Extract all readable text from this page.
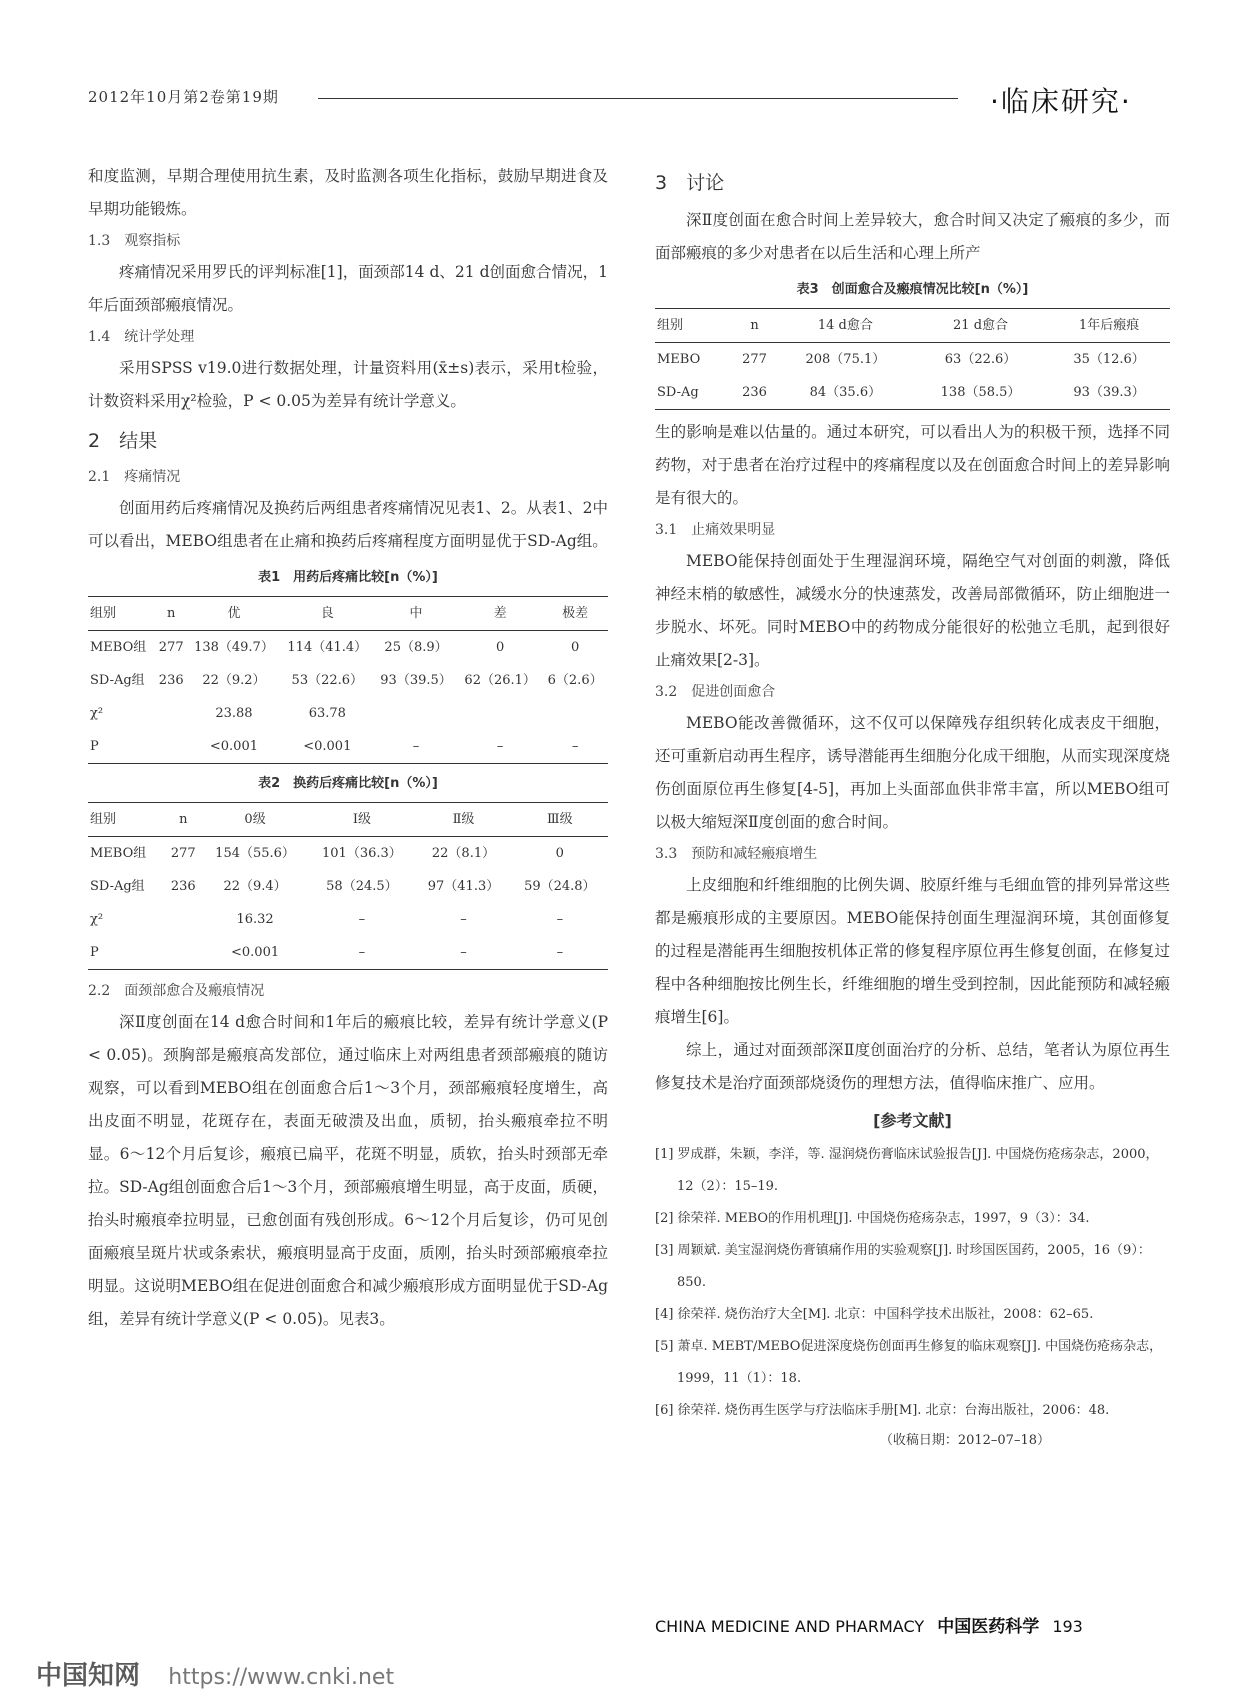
2012年10月第2卷第19期	·临床研究·

和度监测，早期合理使用抗生素，及时监测各项生化指标，鼓励早期进食及早期功能锻炼。

1.3　观察指标

疼痛情况采用罗氏的评判标准[1]，面颈部14 d、21 d创面愈合情况，1年后面颈部瘢痕情况。

1.4　统计学处理

采用SPSS v19.0进行数据处理，计量资料用(x̄±s)表示，采用t检验，计数资料采用χ²检验，P < 0.05为差异有统计学意义。

2　结果

2.1　疼痛情况

创面用药后疼痛情况及换药后两组患者疼痛情况见表1、2。从表1、2中可以看出，MEBO组患者在止痛和换药后疼痛程度方面明显优于SD-Ag组。

表1　用药后疼痛比较[n（%）]
组别	n	优	良	中	差	极差
MEBO组	277	138（49.7）	114（41.4）	25（8.9）	0	0
SD-Ag组	236	22（9.2）	53（22.6）	93（39.5）	62（26.1）	6（2.6）
χ²		23.88	63.78			
P		<0.001	<0.001	–	–	–
表2　换药后疼痛比较[n（%）]
组别	n	0级	Ⅰ级	Ⅱ级	Ⅲ级
MEBO组	277	154（55.6）	101（36.3）	22（8.1）	0
SD-Ag组	236	22（9.4）	58（24.5）	97（41.3）	59（24.8）
χ²		16.32	–	–	–
P		<0.001	–	–	–

2.2　面颈部愈合及瘢痕情况

深Ⅱ度创面在14 d愈合时间和1年后的瘢痕比较，差异有统计学意义(P < 0.05)。颈胸部是瘢痕高发部位，通过临床上对两组患者颈部瘢痕的随访观察，可以看到MEBO组在创面愈合后1～3个月，颈部瘢痕轻度增生，高出皮面不明显，花斑存在，表面无破溃及出血，质韧，抬头瘢痕牵拉不明显。6～12个月后复诊，瘢痕已扁平，花斑不明显，质软，抬头时颈部无牵拉。SD-Ag组创面愈合后1～3个月，颈部瘢痕增生明显，高于皮面，质硬，抬头时瘢痕牵拉明显，已愈创面有残创形成。6～12个月后复诊，仍可见创面瘢痕呈斑片状或条索状，瘢痕明显高于皮面，质刚，抬头时颈部瘢痕牵拉明显。这说明MEBO组在促进创面愈合和减少瘢痕形成方面明显优于SD-Ag组，差异有统计学意义(P < 0.05)。见表3。

3　讨论

深Ⅱ度创面在愈合时间上差异较大，愈合时间又决定了瘢痕的多少，而面部瘢痕的多少对患者在以后生活和心理上所产

表3　创面愈合及瘢痕情况比较[n（%）]
组别	n	14 d愈合	21 d愈合	1年后瘢痕
MEBO	277	208（75.1）	63（22.6）	35（12.6）
SD-Ag	236	84（35.6）	138（58.5）	93（39.3）

生的影响是难以估量的。通过本研究，可以看出人为的积极干预，选择不同药物，对于患者在治疗过程中的疼痛程度以及在创面愈合时间上的差异影响是有很大的。

3.1　止痛效果明显

MEBO能保持创面处于生理湿润环境，隔绝空气对创面的刺激，降低神经末梢的敏感性，减缓水分的快速蒸发，改善局部微循环，防止细胞进一步脱水、坏死。同时MEBO中的药物成分能很好的松弛立毛肌，起到很好止痛效果[2-3]。

3.2　促进创面愈合

MEBO能改善微循环，这不仅可以保障残存组织转化成表皮干细胞，还可重新启动再生程序，诱导潜能再生细胞分化成干细胞，从而实现深度烧伤创面原位再生修复[4-5]，再加上头面部血供非常丰富，所以MEBO组可以极大缩短深Ⅱ度创面的愈合时间。

3.3　预防和减轻瘢痕增生

上皮细胞和纤维细胞的比例失调、胶原纤维与毛细血管的排列异常这些都是瘢痕形成的主要原因。MEBO能保持创面生理湿润环境，其创面修复的过程是潜能再生细胞按机体正常的修复程序原位再生修复创面，在修复过程中各种细胞按比例生长，纤维细胞的增生受到控制，因此能预防和减轻瘢痕增生[6]。

综上，通过对面颈部深Ⅱ度创面治疗的分析、总结，笔者认为原位再生修复技术是治疗面颈部烧烫伤的理想方法，值得临床推广、应用。

[参考文献]
[1] 罗成群，朱颖，李洋，等. 湿润烧伤膏临床试验报告[J]. 中国烧伤疮疡杂志，2000，12（2）：15–19.
[2] 徐荣祥. MEBO的作用机理[J]. 中国烧伤疮疡杂志，1997，9（3）：34.
[3] 周颖斌. 美宝湿润烧伤膏镇痛作用的实验观察[J]. 时珍国医国药，2005，16（9）：850.
[4] 徐荣祥. 烧伤治疗大全[M]. 北京：中国科学技术出版社，2008：62–65.
[5] 萧卓. MEBT/MEBO促进深度烧伤创面再生修复的临床观察[J]. 中国烧伤疮疡杂志，1999，11（1）：18.
[6] 徐荣祥. 烧伤再生医学与疗法临床手册[M]. 北京：台海出版社，2006：48.
（收稿日期：2012–07–18）
CHINA MEDICINE AND PHARMACY 中国医药科学 193
中国知网 https://www.cnki.net
